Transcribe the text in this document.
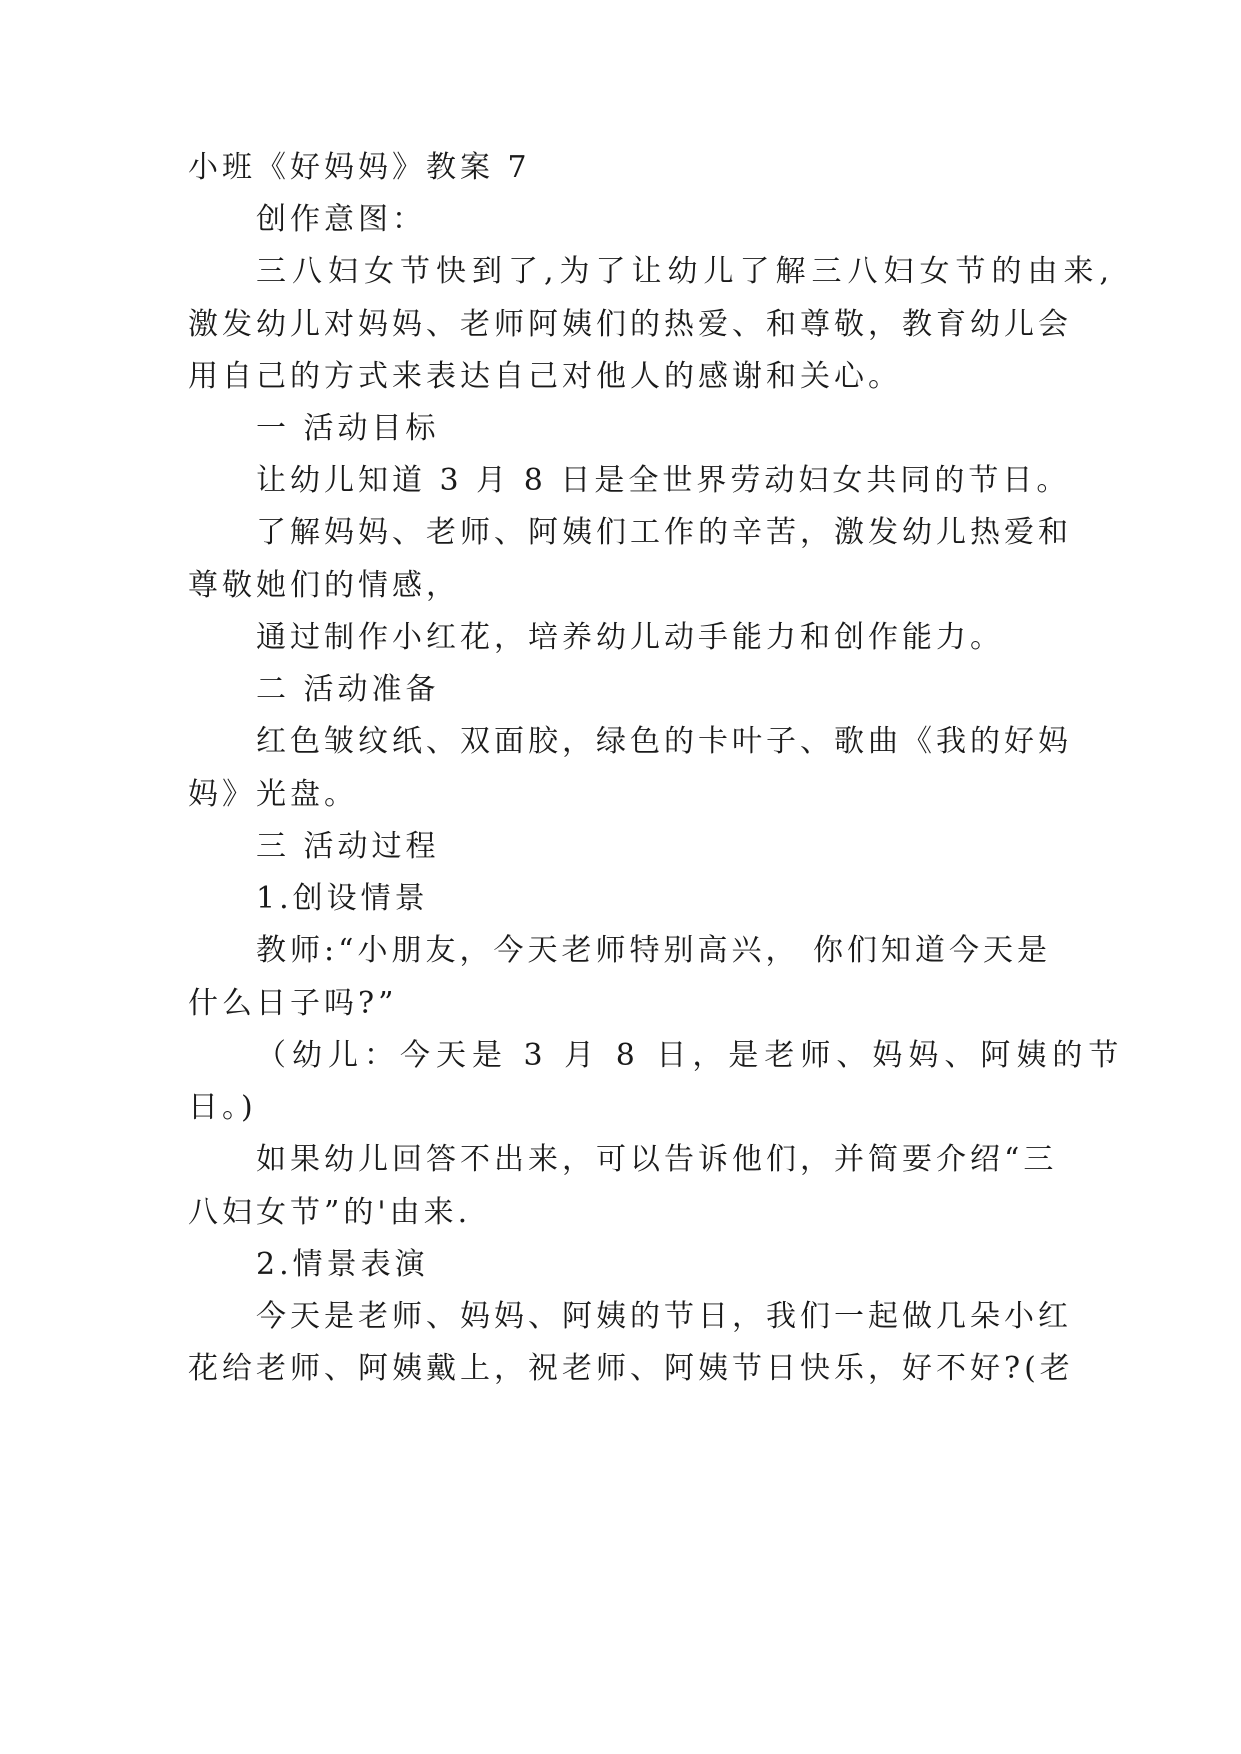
小班《好妈妈》教案 7
创作意图：
三八妇女节快到了,为了让幼儿了解三八妇女节的由来,
激发幼儿对妈妈、老师阿姨们的热爱、和尊敬，教育幼儿会
用自己的方式来表达自己对他人的感谢和关心。
一 活动目标
让幼儿知道 3 月 8 日是全世界劳动妇女共同的节日。
了解妈妈、老师、阿姨们工作的辛苦，激发幼儿热爱和
尊敬她们的情感，
通过制作小红花，培养幼儿动手能力和创作能力。
二 活动准备
红色皱纹纸、双面胶，绿色的卡叶子、歌曲《我的好妈
妈》光盘。
三 活动过程
1.创设情景
教师:“小朋友，今天老师特别高兴， 你们知道今天是
什么日子吗?”
（幼儿：今天是 3 月 8 日，是老师、妈妈、阿姨的节
日。)
如果幼儿回答不出来，可以告诉他们，并简要介绍“三
八妇女节”的'由来.
2.情景表演
今天是老师、妈妈、阿姨的节日，我们一起做几朵小红
花给老师、阿姨戴上，祝老师、阿姨节日快乐，好不好?(老
